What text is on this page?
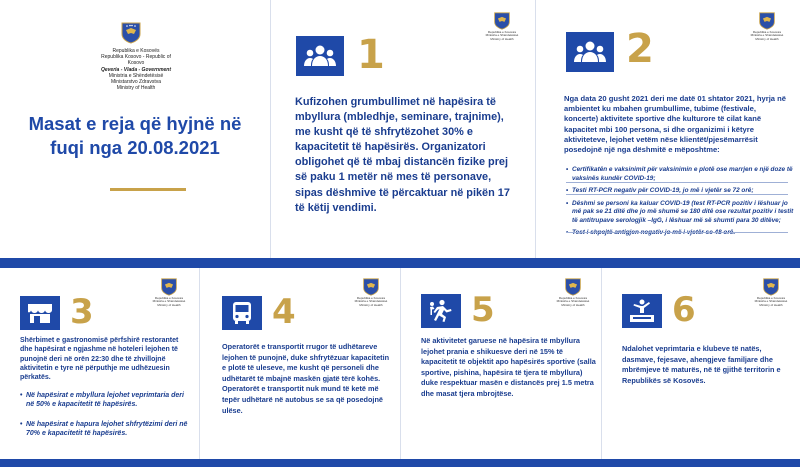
Republika e Kosovës
Republika Kosovo - Republic of Kosovo
Qeveria - Vlada - Government
Ministria e Shëndetësisë
Ministarstvo Zdravstva
Ministry of Health
Masat e reja që hyjnë në fuqi nga 20.08.2021
Republika e Kosovës
Ministria e Shëndetësisë
Ministry of Health
1
Kufizohen grumbullimet në hapësira të mbyllura (mbledhje, seminare, trajnime), me kusht që të shfrytëzohet 30% e kapacitetit të hapësirës. Organizatori obligohet që të mbaj distancën fizike prej së paku 1 metër në mes të personave, sipas dëshmive të përcaktuar në pikën 17 të këtij vendimi.
Republika e Kosovës
Ministria e Shëndetësisë
Ministry of Health
2
Nga data 20 gusht 2021 deri me datë 01 shtator 2021, hyrja në ambientet ku mbahen grumbullime, tubime (festivale, koncerte) aktivitete sportive dhe kulturore të cilat kanë kapacitet mbi 100 persona, si dhe organizimi i këtyre aktiviteteve, lejohet vetëm nëse klientët/pjesëmarrësit posedojnë një nga dëshmitë e mëposhtme:
• Certifikatën e vaksinimit për vaksinimin e plotë ose marrjen e një doze të vaksinës kundër COVID-19;
• Testi RT-PCR negativ për COVID-19, jo më i vjetër se 72 orë;
• Dëshmi se personi ka kaluar COVID-19 (test RT-PCR pozitiv i lëshuar jo më pak se 21 ditë dhe jo më shumë se 180 ditë ose rezultat pozitiv i testit të antitrupave serologjik –IgG, i lëshuar më së shumti para 30 ditëve;
•
Republika e Kosovës
Ministria e Shëndetësisë
Ministry of Health
3
Shërbimet e gastronomisë përfshirë restorantet dhe hapësirat e ngjashme në hoteleri lejohen të punojnë deri në orën 22:30 dhe të zhvillojnë aktivitetin e tyre në përputhje me udhëzuesin përkatës.
• Në hapësirat e mbyllura lejohet veprimtaria deri në 50% e kapacitetit të hapësirës.
• Në hapësirat e hapura lejohet shfrytëzimi deri në 70% e kapacitetit të hapësirës.
Republika e Kosovës
Ministria e Shëndetësisë
Ministry of Health
4
Operatorët e transportit rrugor të udhëtareve lejohen të punojnë, duke shfrytëzuar kapacitetin e plotë të uleseve, me kusht që personeli dhe udhëtarët të mbajnë maskën gjatë tërë kohës. Operatorët e transportit nuk mund të ketë më tepër udhëtarë në autobus se sa që posedojnë ulëse.
Republika e Kosovës
Ministria e Shëndetësisë
Ministry of Health
5
Në aktivitetet garuese në hapësira të mbyllura lejohet prania e shikuesve deri në 15% të kapacitetit të objektit apo hapësirës sportive (salla sportive, pishina, hapësira të tjera të mbyllura) duke respektuar masën e distancës prej 1.5 metra dhe masat tjera mbrojtëse.
Republika e Kosovës
Ministria e Shëndetësisë
Ministry of Health
6
Ndalohet veprimtaria e klubeve të natës, dasmave, fejesave, ahengjeve familjare dhe mbrëmjeve të maturës, në të gjithë territorin e Republikës së Kosovës.
